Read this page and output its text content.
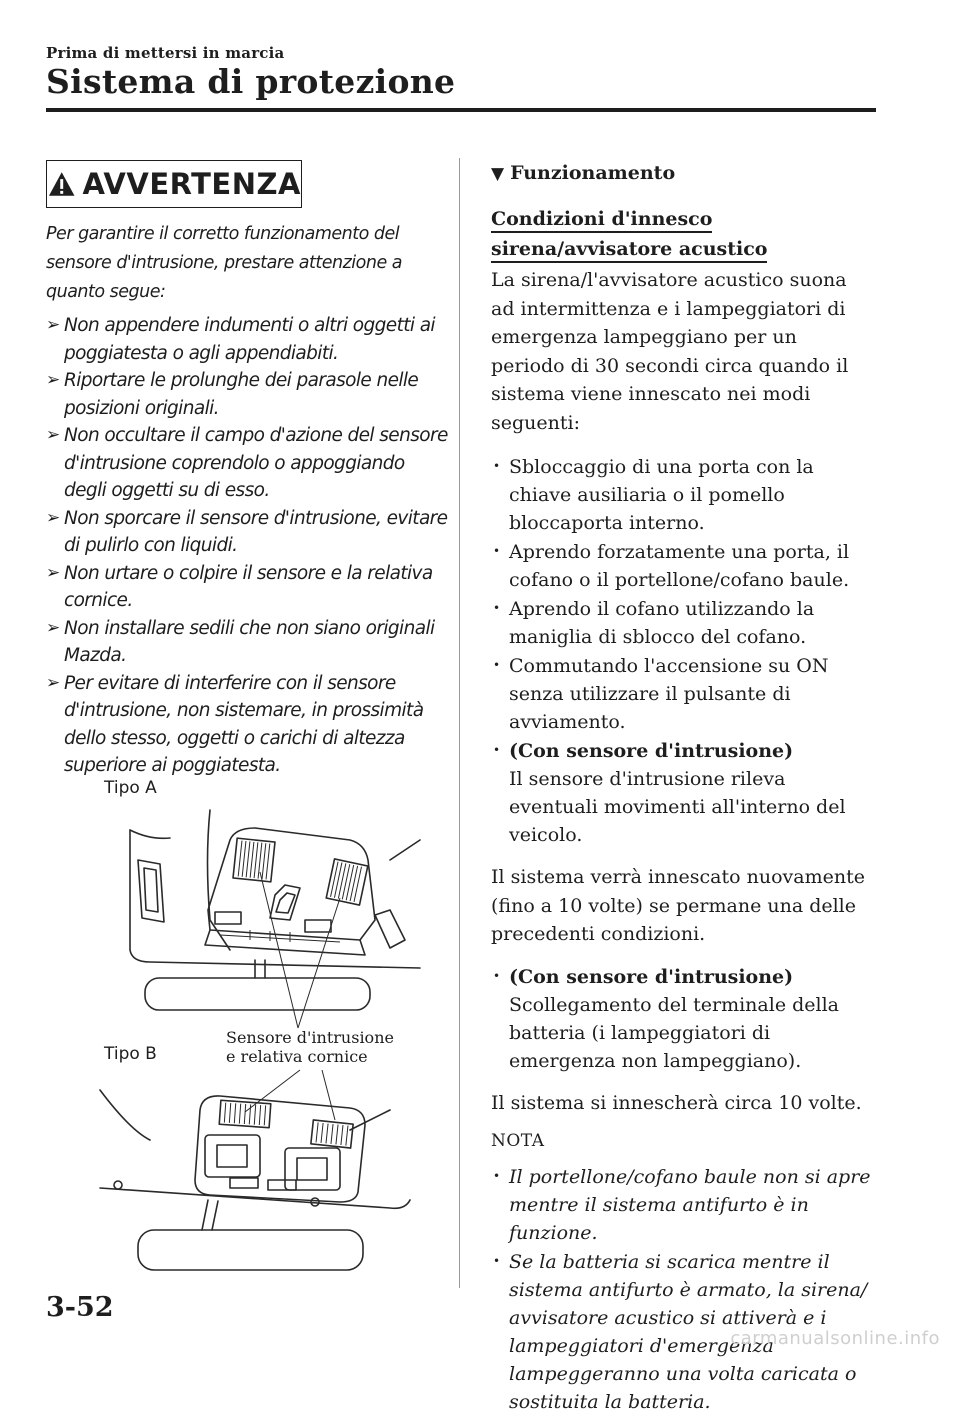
Prima di mettersi in marcia
Sistema di protezione
AVVERTENZA
Per garantire il corretto funzionamento del sensore d'intrusione, prestare attenzione a quanto segue:
➢ Non appendere indumenti o altri oggetti ai poggiatesta o agli appendiabiti.
➢ Riportare le prolunghe dei parasole nelle posizioni originali.
➢ Non occultare il campo d'azione del sensore d'intrusione coprendolo o appoggiando degli oggetti su di esso.
➢ Non sporcare il sensore d'intrusione, evitare di pulirlo con liquidi.
➢ Non urtare o colpire il sensore e la relativa cornice.
➢ Non installare sedili che non siano originali Mazda.
➢ Per evitare di interferire con il sensore d'intrusione, non sistemare, in prossimità dello stesso, oggetti o carichi di altezza superiore ai poggiatesta.
Tipo A
Tipo B
Sensore d'intrusione
e relativa cornice
▼ Funzionamento
Condizioni d'innesco sirena/avvisatore acustico
La sirena/l'avvisatore acustico suona ad intermittenza e i lampeggiatori di emergenza lampeggiano per un periodo di 30 secondi circa quando il sistema viene innescato nei modi seguenti:
• Sbloccaggio di una porta con la chiave ausiliaria o il pomello bloccaporta interno.
• Aprendo forzatamente una porta, il cofano o il portellone/cofano baule.
• Aprendo il cofano utilizzando la maniglia di sblocco del cofano.
• Commutando l'accensione su ON senza utilizzare il pulsante di avviamento.
• (Con sensore d'intrusione)
Il sensore d'intrusione rileva eventuali movimenti all'interno del veicolo.
Il sistema verrà innescato nuovamente (fino a 10 volte) se permane una delle precedenti condizioni.
• (Con sensore d'intrusione)
Scollegamento del terminale della batteria (i lampeggiatori di emergenza non lampeggiano).
Il sistema si innescherà circa 10 volte.
NOTA
• Il portellone/cofano baule non si apre mentre il sistema antifurto è in funzione.
• Se la batteria si scarica mentre il sistema antifurto è armato, la sirena/ avvisatore acustico si attiverà e i lampeggiatori d'emergenza lampeggeranno una volta caricata o sostituita la batteria.
3-52
carmanualsonline.info
